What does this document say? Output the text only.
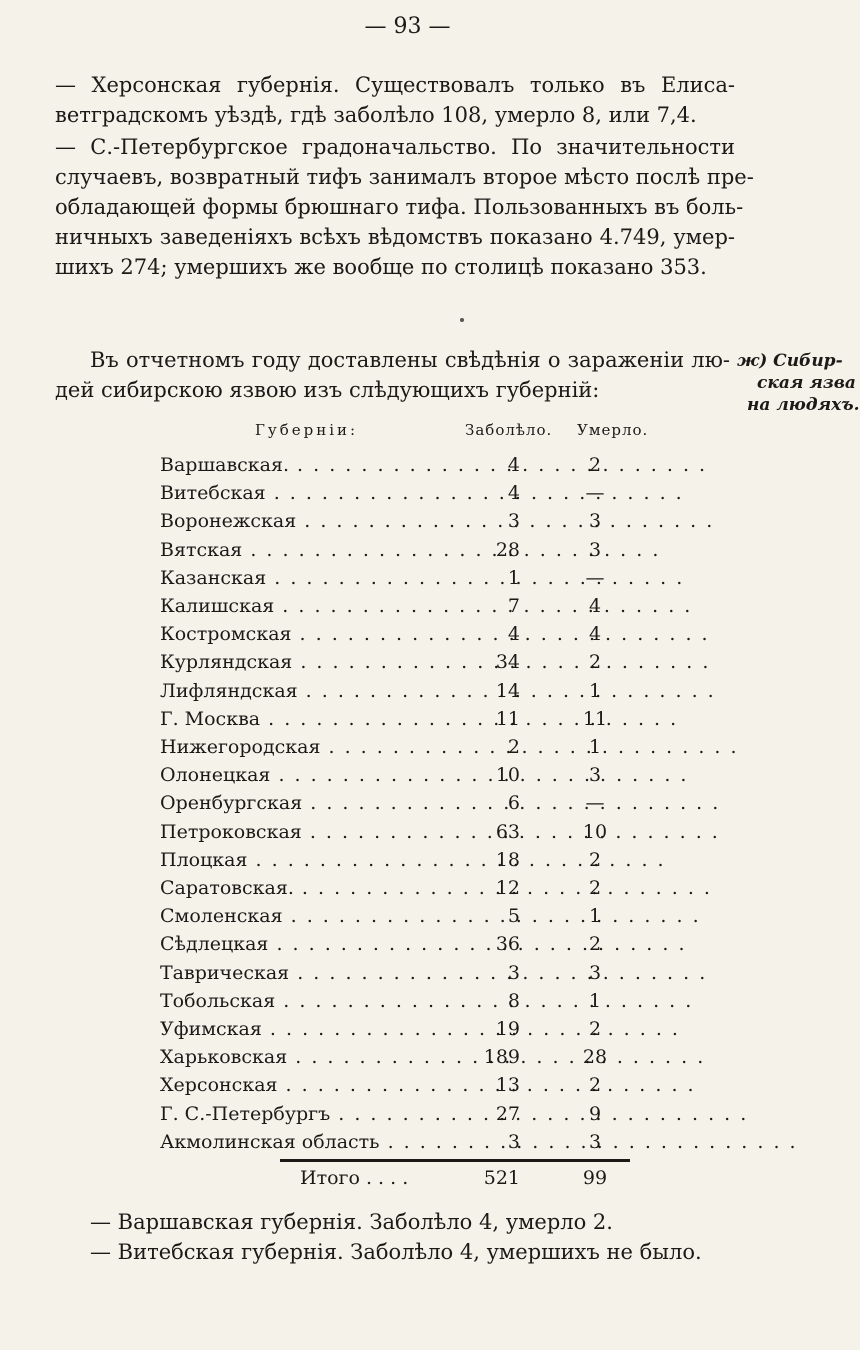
— 93 —
— Херсонская губернія. Существовалъ только въ Елиса-
ветградскомъ уѣздѣ, гдѣ заболѣло 108, умерло 8, или 7,4.
— С.-Петербургское градоначальство. По значительности
случаевъ, возвратный тифъ занималъ второе мѣсто послѣ пре-
обладающей формы брюшнаго тифа. Пользованныхъ въ боль-
ничныхъ заведеніяхъ всѣхъ вѣдомствъ показано 4.749, умер-
шихъ 274; умершихъ же вообще по столицѣ показано 353.
Въ отчетномъ году доставлены свѣдѣнія о зараженіи лю-
дей сибирскою язвою изъ слѣдующихъ губерній:
ж) Сибир-
ская язва
на людяхъ.
Губерніи:	Заболѣло. Умерло.
Варшавская. . . .	4	2
Витебская . . .	4	—
Воронежская . . .	3	3
Вятская . . .	28	3
Казанская . . .	1	—
Калишская . . .	7	4
Костромская . . .	4	4
Курляндская . . .	34	2
Лифляндская . . .	14	1
Г. Москва . . .	11	11
Нижегородская . . .	2	1
Олонецкая . . .	10	3
Оренбургская . . .	6	—
Петроковская . . .	63	10
Плоцкая . . .	18	2
Саратовская. . . .	12	2
Смоленская . . .	5	1
Сѣдлецкая . . .	36	2
Таврическая . . .	3	3
Тобольская . . .	8	1
Уфимская . . .	19	2
Харьковская . . .	189	28
Херсонская . . .	13	2
Г. С.-Петербургъ . . .	27	9
Акмолинская область . . .	3	3
Итого . . . .	521	99
— Варшавская губернія. Заболѣло 4, умерло 2.
— Витебская губернія. Заболѣло 4, умершихъ не было.
